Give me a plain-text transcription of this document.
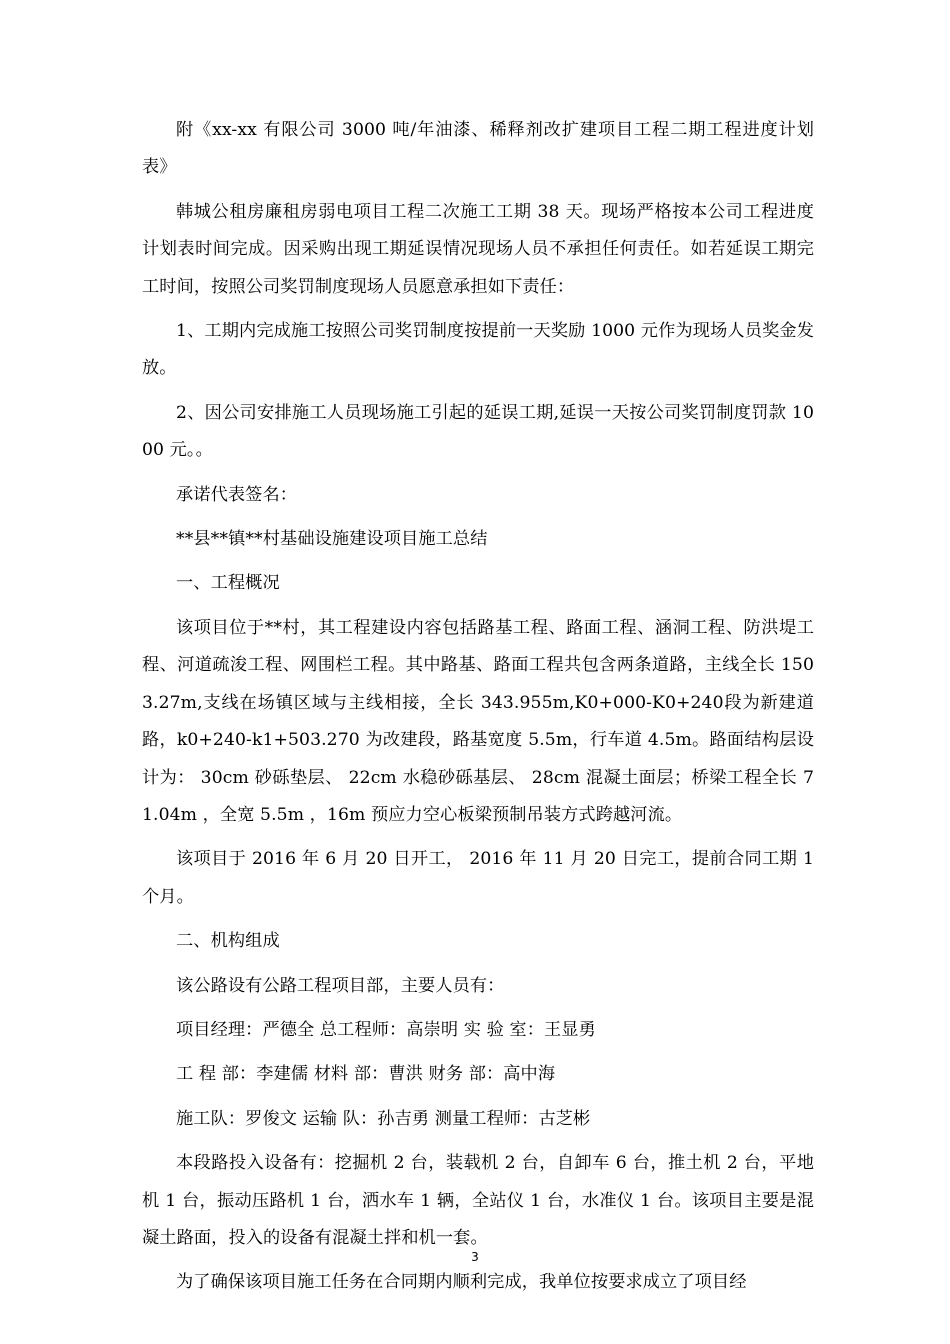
附《xx-xx 有限公司 3000 吨/年油漆、稀释剂改扩建项目工程二期工程进度计划表》

韩城公租房廉租房弱电项目工程二次施工工期 38 天。现场严格按本公司工程进度计划表时间完成。因采购出现工期延误情况现场人员不承担任何责任。如若延误工期完工时间，按照公司奖罚制度现场人员愿意承担如下责任：

1、工期内完成施工按照公司奖罚制度按提前一天奖励 1000 元作为现场人员奖金发放。

2、因公司安排施工人员现场施工引起的延误工期,延误一天按公司奖罚制度罚款 1000 元。。

承诺代表签名：

**县**镇**村基础设施建设项目施工总结

一、工程概况

该项目位于**村，其工程建设内容包括路基工程、路面工程、涵洞工程、防洪堤工程、河道疏浚工程、网围栏工程。其中路基、路面工程共包含两条道路，主线全长 1503.27m,支线在场镇区域与主线相接，全长 343.955m,K0+000-K0+240段为新建道路，k0+240-k1+503.270 为改建段，路基宽度 5.5m，行车道 4.5m。路面结构层设计为： 30cm 砂砾垫层、 22cm 水稳砂砾基层、 28cm 混凝土面层；桥梁工程全长 71.04m ，全宽 5.5m ，16m 预应力空心板梁预制吊装方式跨越河流。

该项目于 2016 年 6 月 20 日开工， 2016 年 11 月 20 日完工，提前合同工期 1 个月。

二、机构组成

该公路设有公路工程项目部，主要人员有：

项目经理：严德全 总工程师：高崇明 实 验 室：王显勇

工 程 部：李建儒 材料 部：曹洪 财务 部：高中海

施工队：罗俊文 运输 队：孙吉勇 测量工程师：古芝彬

本段路投入设备有：挖掘机 2 台，装载机 2 台，自卸车 6 台，推土机 2 台，平地机 1 台，振动压路机 1 台，洒水车 1 辆，全站仪 1 台，水准仪 1 台。该项目主要是混凝土路面，投入的设备有混凝土拌和机一套。

为了确保该项目施工任务在合同期内顺利完成，我单位按要求成立了项目经

3
